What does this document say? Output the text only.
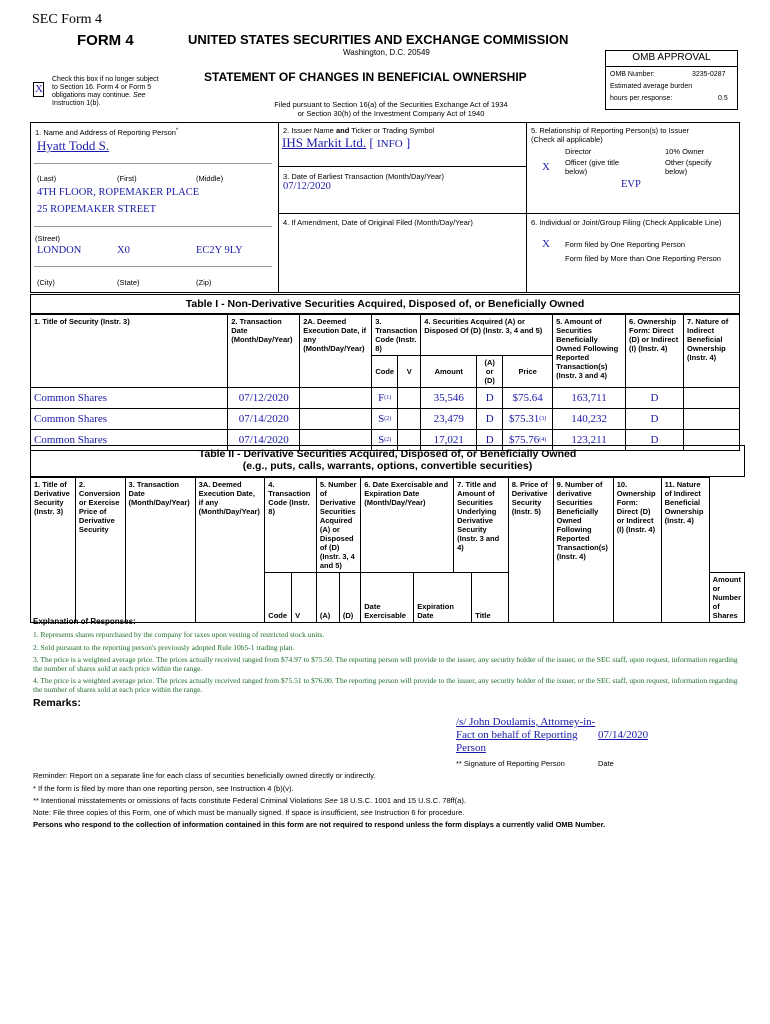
SEC Form 4
FORM 4	UNITED STATES SECURITIES AND EXCHANGE COMMISSION
Washington, D.C. 20549
X
Check this box if no longer subject
to Section 16. Form 4 or Form 5
obligations may continue. See
Instruction 1(b).
STATEMENT OF CHANGES IN BENEFICIAL OWNERSHIP
Filed pursuant to Section 16(a) of the Securities Exchange Act of 1934
or Section 30(h) of the Investment Company Act of 1940
OMB APPROVAL
OMB Number:	3235-0287
Estimated average burden
hours per response:	0.5
1. Name and Address of Reporting Person*
Hyatt Todd S.
(Last)	(First)	(Middle)
4TH FLOOR, ROPEMAKER PLACE
25 ROPEMAKER STREET
(Street)
LONDON	X0	EC2Y 9LY
(City)	(State)	(Zip)
2. Issuer Name and Ticker or Trading Symbol
IHS Markit Ltd. [ INFO ]
3. Date of Earliest Transaction (Month/Day/Year)
07/12/2020
4. If Amendment, Date of Original Filed (Month/Day/Year)
5. Relationship of Reporting Person(s) to Issuer
(Check all applicable)
Director	10% Owner
X Officer (give title below)
Other (specify below)
EVP
6. Individual or Joint/Group Filing (Check Applicable Line)
X Form filed by One Reporting Person
Form filed by More than One Reporting Person
Table I - Non-Derivative Securities Acquired, Disposed of, or Beneficially Owned
1. Title of Security (Instr. 3)	2. Transaction Date (Month/Day/Year)	2A. Deemed Execution Date, if any (Month/Day/Year)	3. Transaction Code (Instr. 8)		4. Securities Acquired (A) or Disposed Of (D) (Instr. 3, 4 and 5)			5. Amount of Securities Beneficially Owned Following Reported Transaction(s) (Instr. 3 and 4)	6. Ownership Form: Direct (D) or Indirect (I) (Instr. 4)	7. Nature of Indirect Beneficial Ownership (Instr. 4)
			Code	V	Amount	(A) or (D)	Price			
Common Shares	07/12/2020		$F^{(1)}$		35,546	D	$75.64	163,711	D	
Common Shares	07/14/2020		$S^{(2)}$		23,479	D	$75.31$^{(3)}$	140,232	D	
Common Shares	07/14/2020		$S^{(2)}$		17,021	D	$75.76$^{(4)}$	123,211	D	
Table II - Derivative Securities Acquired, Disposed of, or Beneficially Owned
(e.g., puts, calls, warrants, options, convertible securities)
1. Title of Derivative Security (Instr. 3)	2. Conversion or Exercise Price of Derivative Security	3. Transaction Date (Month/Day/Year)	3A. Deemed Execution Date, if any (Month/Day/Year)	4. Transaction Code (Instr. 8)		5. Number of Derivative Securities Acquired (A) or Disposed of (D) (Instr. 3, 4 and 5)		6. Date Exercisable and Expiration Date (Month/Day/Year)		7. Title and Amount of Securities Underlying Derivative Security (Instr. 3 and 4)		8. Price of Derivative Security (Instr. 5)	9. Number of derivative Securities Beneficially Owned Following Reported Transaction(s) (Instr. 4)	10. Ownership Form: Direct (D) or Indirect (I) (Instr. 4)	11. Nature of Indirect Beneficial Ownership (Instr. 4)	
				Code	V	(A)	(D)	Date Exercisable	Expiration Date		Title					Amount or Number of Shares
Explanation of Responses:
1. Represents shares repurchased by the company for taxes upon vesting of restricted stock units.
2. Sold pursuant to the reporting person's previously adopted Rule 10b5-1 trading plan.
3. The price is a weighted average price. The prices actually received ranged from $74.97 to $75.50. The reporting person will provide to the issuer, any security holder of the issuer, or the SEC staff, upon request, information regarding the number of shares sold at each price within the range.
4. The price is a weighted average price. The prices actually received ranged from $75.51 to $76.00. The reporting person will provide to the issuer, any security holder of the issuer, or the SEC staff, upon request, information regarding the number of shares sold at each price within the range.
Remarks:
/s/ John Doulamis, Attorney-in-Fact on behalf of Reporting Person
07/14/2020
** Signature of Reporting Person	Date
Reminder: Report on a separate line for each class of securities beneficially owned directly or indirectly.
* If the form is filed by more than one reporting person, see Instruction 4 (b)(v).
** Intentional misstatements or omissions of facts constitute Federal Criminal Violations See 18 U.S.C. 1001 and 15 U.S.C. 78ff(a).
Note: File three copies of this Form, one of which must be manually signed. If space is insufficient, see Instruction 6 for procedure.
Persons who respond to the collection of information contained in this form are not required to respond unless the form displays a currently valid OMB Number.
